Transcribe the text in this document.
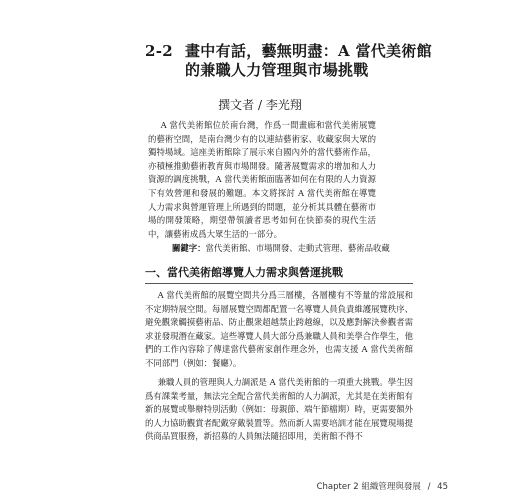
2-2 畫中有話，藝無明盡：A 當代美術館的兼職人力管理與市場挑戰
撰文者 / 李光翔

A 當代美術館位於南台灣，作爲一間畫廊和當代美術展覽的藝術空間，是南台灣少有的以連結藝術家、收藏家與大眾的獨特場域。這座美術館除了展示來自國內外的當代藝術作品，亦積極推動藝術教育與市場開發。隨著展覽需求的增加和人力資源的調度挑戰，A 當代美術館面臨著如何在有限的人力資源下有效營運和發展的難題。本文將探討 A 當代美術館在導覽人力需求與營運管理上所遇到的問題，並分析其具體在藝術市場的開發策略，期望帶領讀者思考如何在快節奏的現代生活中，讓藝術成爲大眾生活的一部分。

關鍵字：當代美術館、市場開發、走動式管理、藝術品收藏
一、當代美術館導覽人力需求與營運挑戰

A 當代美術館的展覽空間共分爲三層樓，各層樓有不等量的常設展和不定期特展空間。每層展覽空間都配置一名導覽人員負責維護展覽秩序、避免觀衆觸摸藝術品、防止觀衆超越禁止跨越線，以及應對解決參觀者需求並發現潛在藏家。這些導覽人員大部分爲兼職人員和美學合作學生，他們的工作內容除了傳達當代藝術家創作理念外，也需支援 A 當代美術館不同部門（例如：餐廳）。

兼職人員的管理與人力調派是 A 當代美術館的一項重大挑戰。學生因爲有課業考量，無法完全配合當代美術館的人力調派，尤其是在美術館有新的展覽或舉辦特別活動（例如：母親節、端午節檔期）時，更需要額外的人力協助觀賞者配戴穿戴裝置等。然而新人需要培訓才能在展覽現場提供商品買服務，新招募的人員無法隨招即用，美術館不得不

Chapter 2 組織管理與發展 / 45
